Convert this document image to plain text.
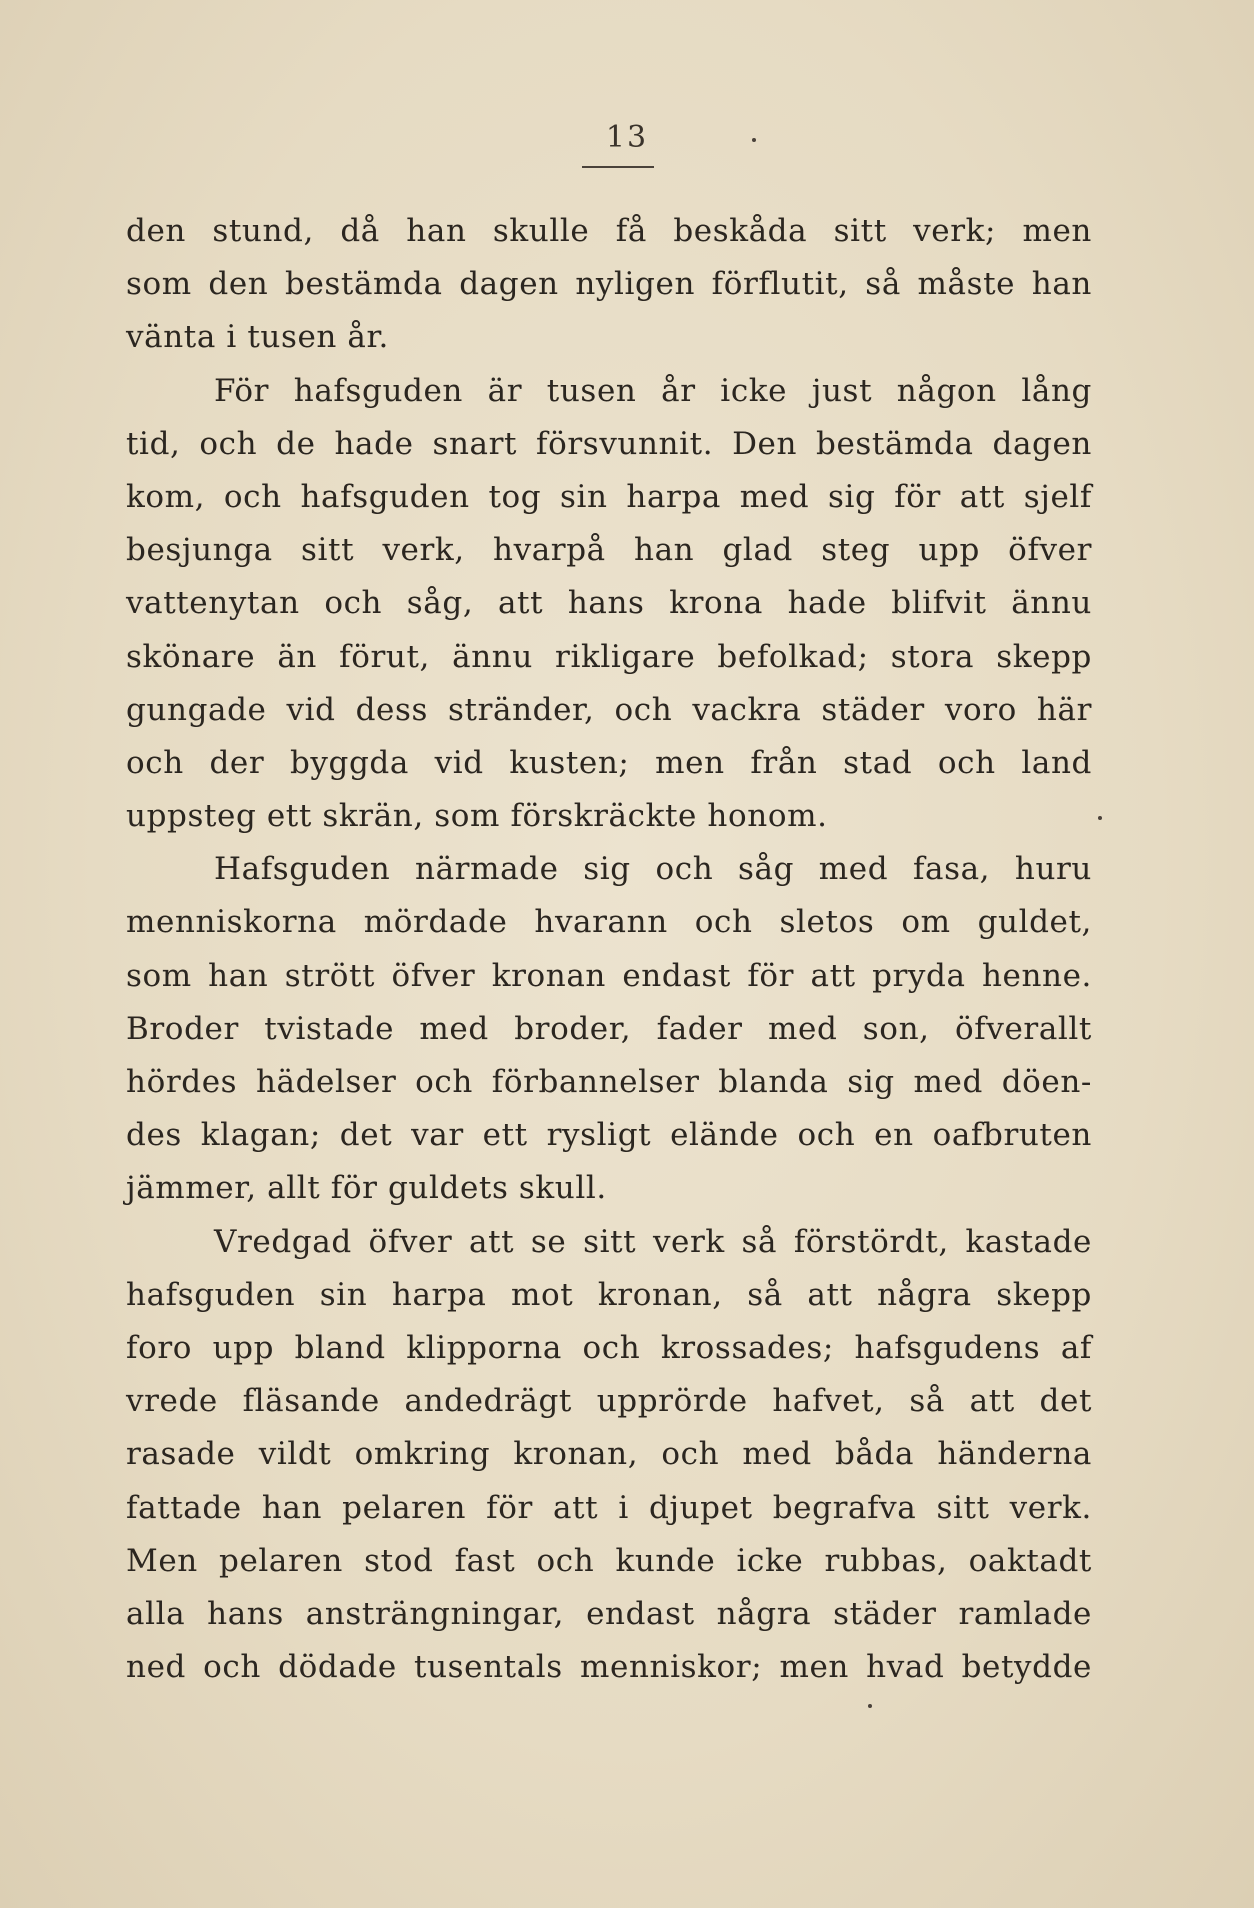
13
den stund, då han skulle få beskåda sitt verk; men
som den bestämda dagen nyligen förflutit, så måste han
vänta i tusen år.
För hafsguden är tusen år icke just någon lång
tid, och de hade snart försvunnit. Den bestämda dagen
kom, och hafsguden tog sin harpa med sig för att sjelf
besjunga sitt verk, hvarpå han glad steg upp öfver
vattenytan och såg, att hans krona hade blifvit ännu
skönare än förut, ännu rikligare befolkad; stora skepp
gungade vid dess stränder, och vackra städer voro här
och der byggda vid kusten; men från stad och land
uppsteg ett skrän, som förskräckte honom.
Hafsguden närmade sig och såg med fasa, huru
menniskorna mördade hvarann och sletos om guldet,
som han strött öfver kronan endast för att pryda henne.
Broder tvistade med broder, fader med son, öfverallt
hördes hädelser och förbannelser blanda sig med döen-
des klagan; det var ett rysligt elände och en oafbruten
jämmer, allt för guldets skull.
Vredgad öfver att se sitt verk så förstördt, kastade
hafsguden sin harpa mot kronan, så att några skepp
foro upp bland klipporna och krossades; hafsgudens af
vrede fläsande andedrägt upprörde hafvet, så att det
rasade vildt omkring kronan, och med båda händerna
fattade han pelaren för att i djupet begrafva sitt verk.
Men pelaren stod fast och kunde icke rubbas, oaktadt
alla hans ansträngningar, endast några städer ramlade
ned och dödade tusentals menniskor; men hvad betydde
